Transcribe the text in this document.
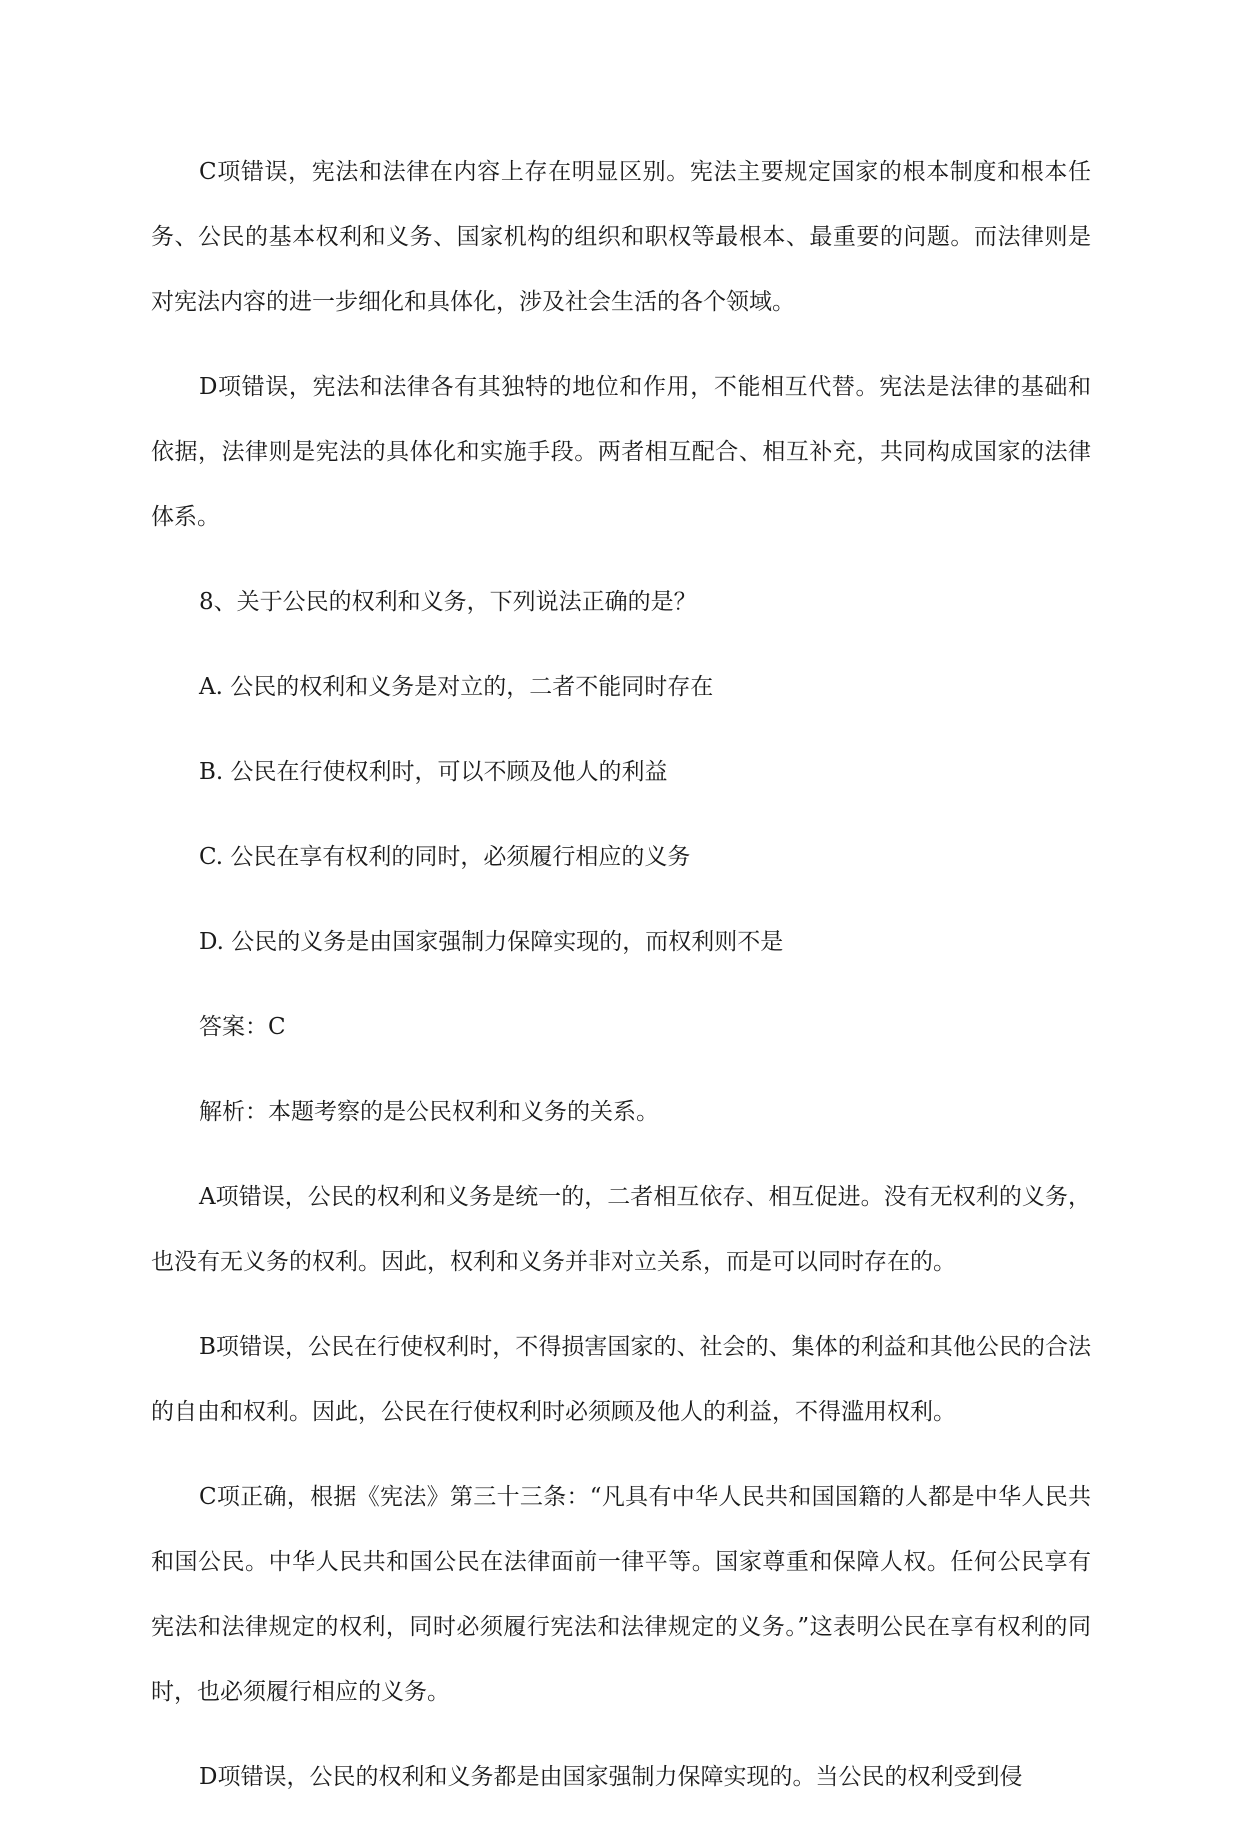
C项错误，宪法和法律在内容上存在明显区别。宪法主要规定国家的根本制度和根本任务、公民的基本权利和义务、国家机构的组织和职权等最根本、最重要的问题。而法律则是对宪法内容的进一步细化和具体化，涉及社会生活的各个领域。

D项错误，宪法和法律各有其独特的地位和作用，不能相互代替。宪法是法律的基础和依据，法律则是宪法的具体化和实施手段。两者相互配合、相互补充，共同构成国家的法律体系。

8、关于公民的权利和义务，下列说法正确的是？

A. 公民的权利和义务是对立的，二者不能同时存在

B. 公民在行使权利时，可以不顾及他人的利益

C. 公民在享有权利的同时，必须履行相应的义务

D. 公民的义务是由国家强制力保障实现的，而权利则不是

答案：C

解析：本题考察的是公民权利和义务的关系。

A项错误，公民的权利和义务是统一的，二者相互依存、相互促进。没有无权利的义务，也没有无义务的权利。因此，权利和义务并非对立关系，而是可以同时存在的。

B项错误，公民在行使权利时，不得损害国家的、社会的、集体的利益和其他公民的合法的自由和权利。因此，公民在行使权利时必须顾及他人的利益，不得滥用权利。

C项正确，根据《宪法》第三十三条：“凡具有中华人民共和国国籍的人都是中华人民共和国公民。中华人民共和国公民在法律面前一律平等。国家尊重和保障人权。任何公民享有宪法和法律规定的权利，同时必须履行宪法和法律规定的义务。”这表明公民在享有权利的同时，也必须履行相应的义务。

D项错误，公民的权利和义务都是由国家强制力保障实现的。当公民的权利受到侵
